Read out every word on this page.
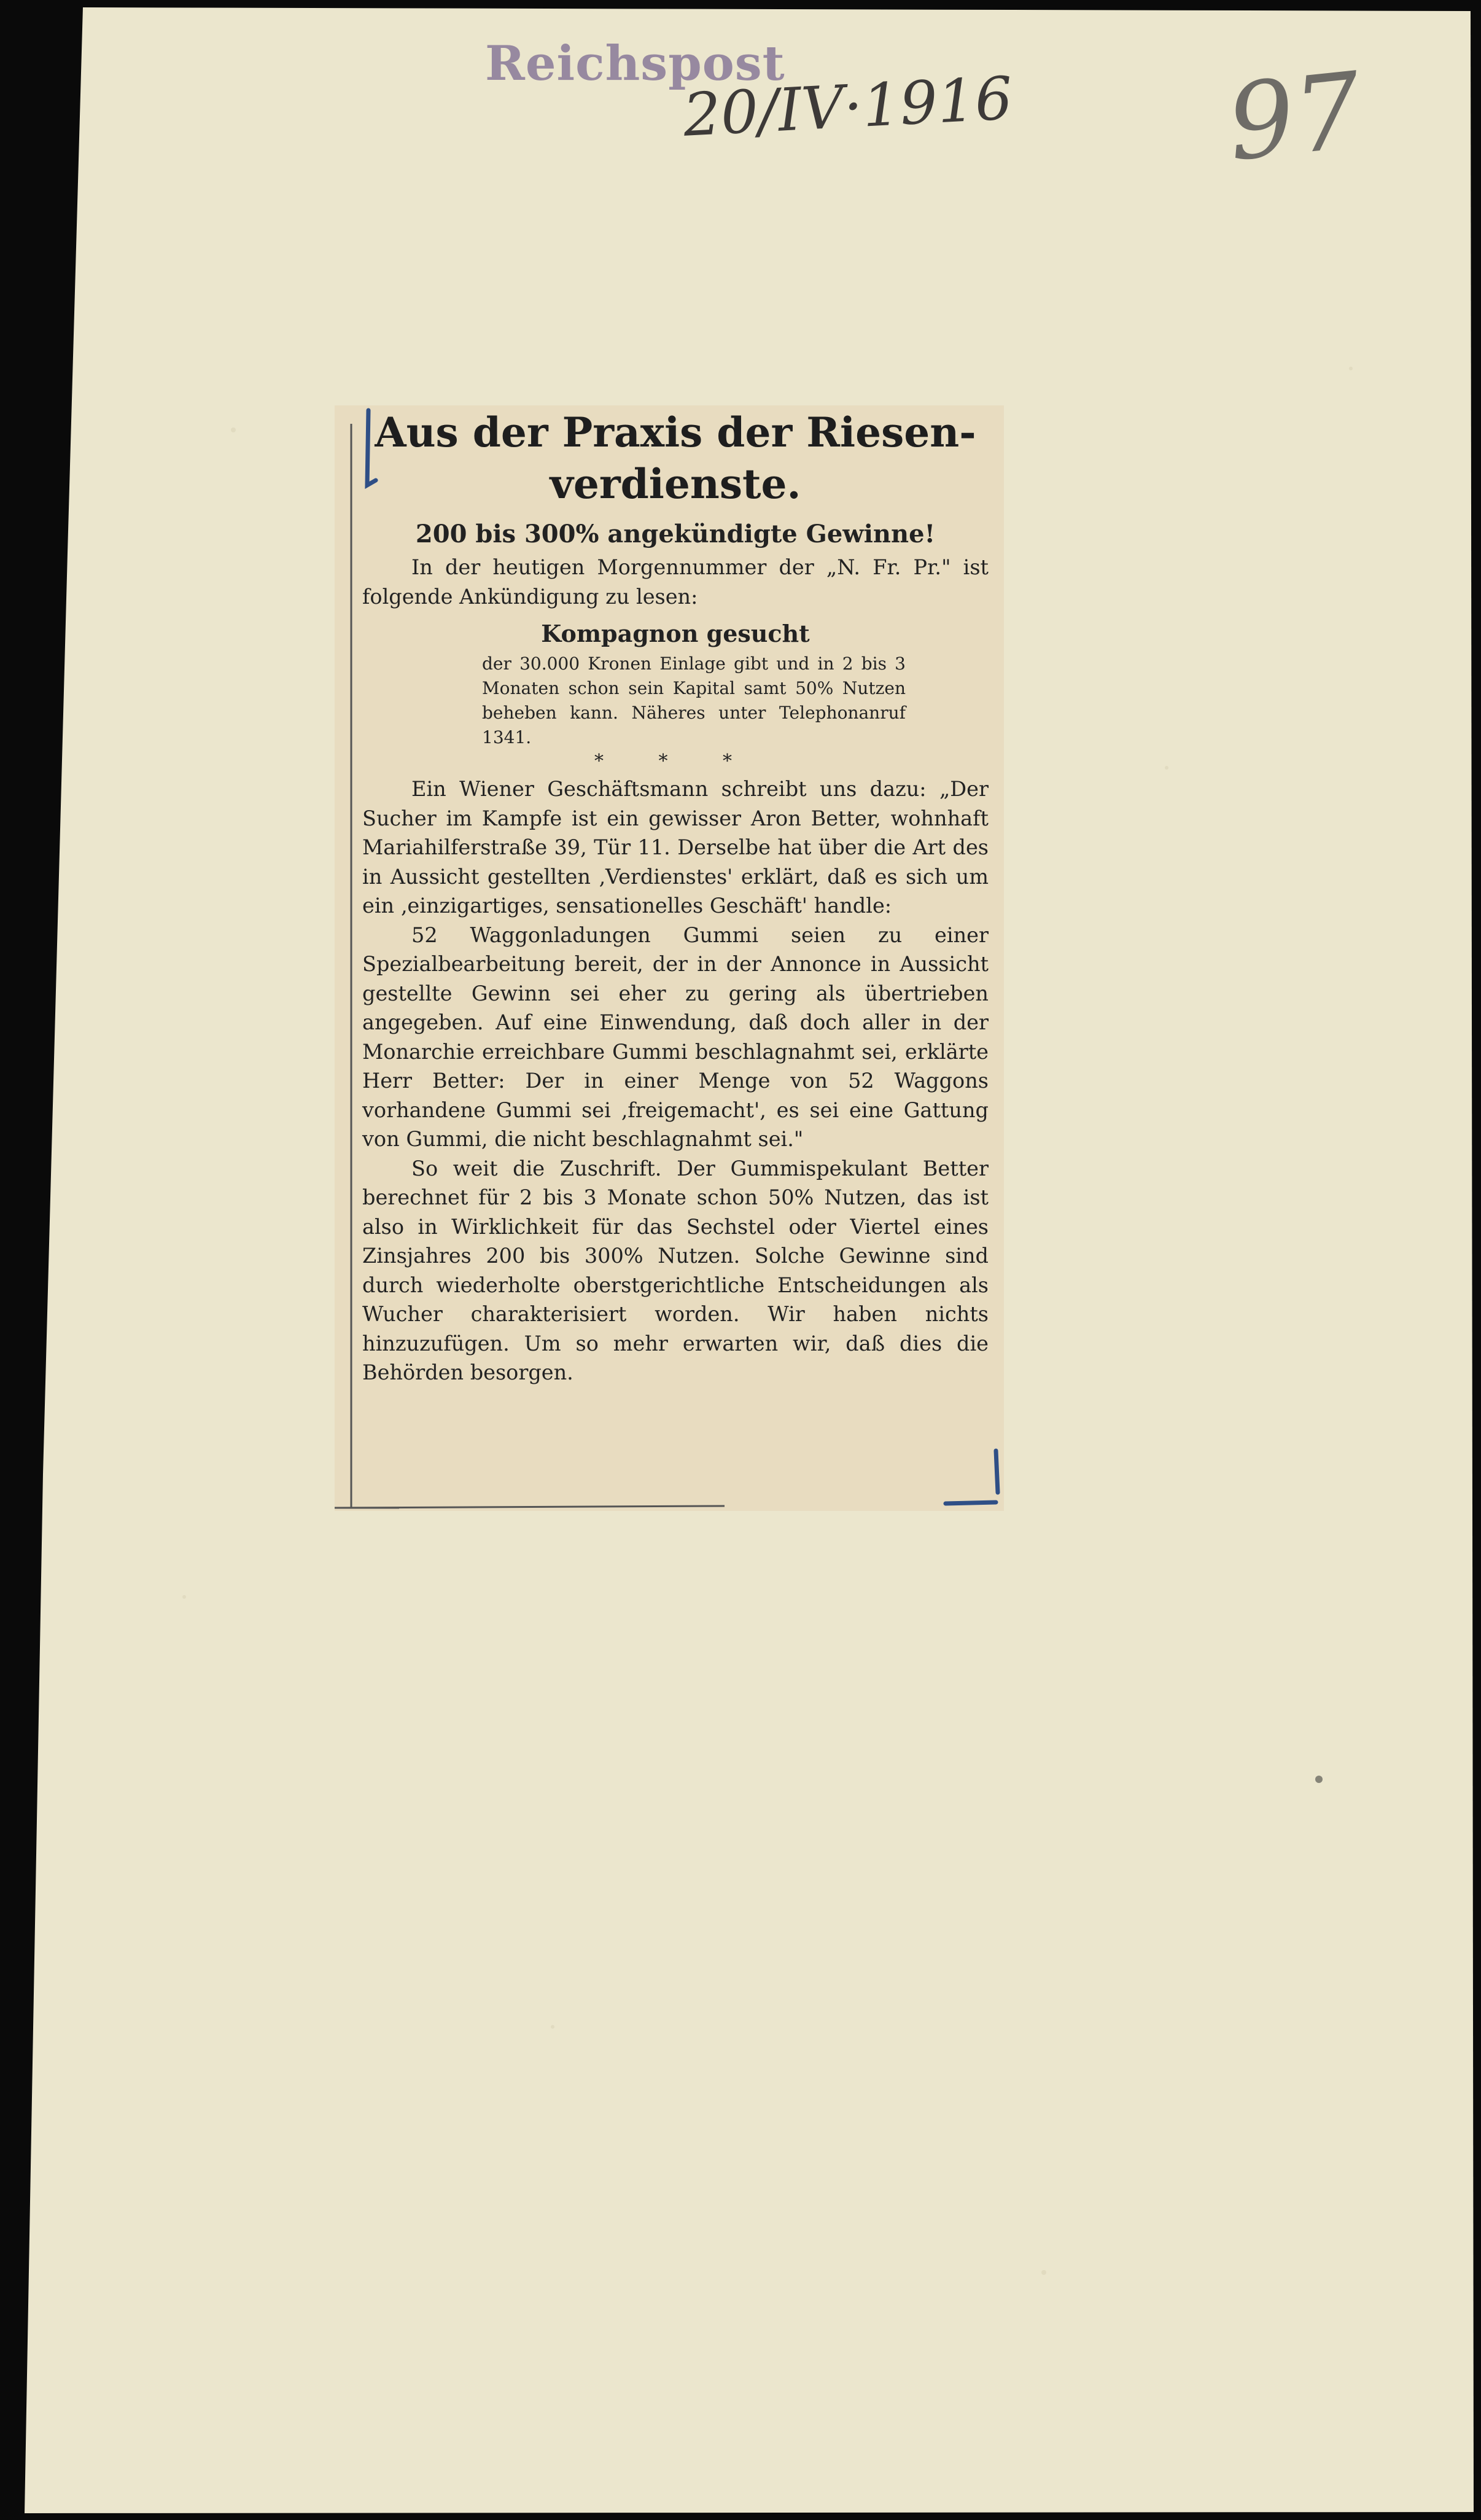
Reichspost
20/IV·1916 97
Aus der Praxis der Riesen- verdienste.
200 bis 300% angekündigte Gewinne!

In der heutigen Morgennummer der „N. Fr. Pr." ist folgende Ankündigung zu lesen:

Kompagnon gesucht

der 30.000 Kronen Einlage gibt und in 2 bis 3 Monaten schon sein Kapital samt 50% Nutzen beheben kann. Näheres unter Telephonanruf 1341.

* * *

Ein Wiener Geschäftsmann schreibt uns dazu: „Der Sucher im Kampfe ist ein gewisser Aron Better, wohnhaft Mariahilferstraße 39, Tür 11. Derselbe hat über die Art des in Aussicht gestellten ‚Verdienstes' erklärt, daß es sich um ein ‚einzigartiges, sensationelles Geschäft' handle:

52 Waggonladungen Gummi seien zu einer Spezialbearbeitung bereit, der in der Annonce in Aussicht gestellte Gewinn sei eher zu gering als übertrieben angegeben. Auf eine Einwendung, daß doch aller in der Monarchie erreichbare Gummi beschlagnahmt sei, erklärte Herr Better: Der in einer Menge von 52 Waggons vorhandene Gummi sei ‚freigemacht', es sei eine Gattung von Gummi, die nicht beschlagnahmt sei."

So weit die Zuschrift. Der Gummispekulant Better berechnet für 2 bis 3 Monate schon 50% Nutzen, das ist also in Wirklichkeit für das Sechstel oder Viertel eines Zinsjahres 200 bis 300% Nutzen. Solche Gewinne sind durch wiederholte oberstgerichtliche Entscheidungen als Wucher charakterisiert worden. Wir haben nichts hinzuzufügen. Um so mehr erwarten wir, daß dies die Behörden besorgen.
